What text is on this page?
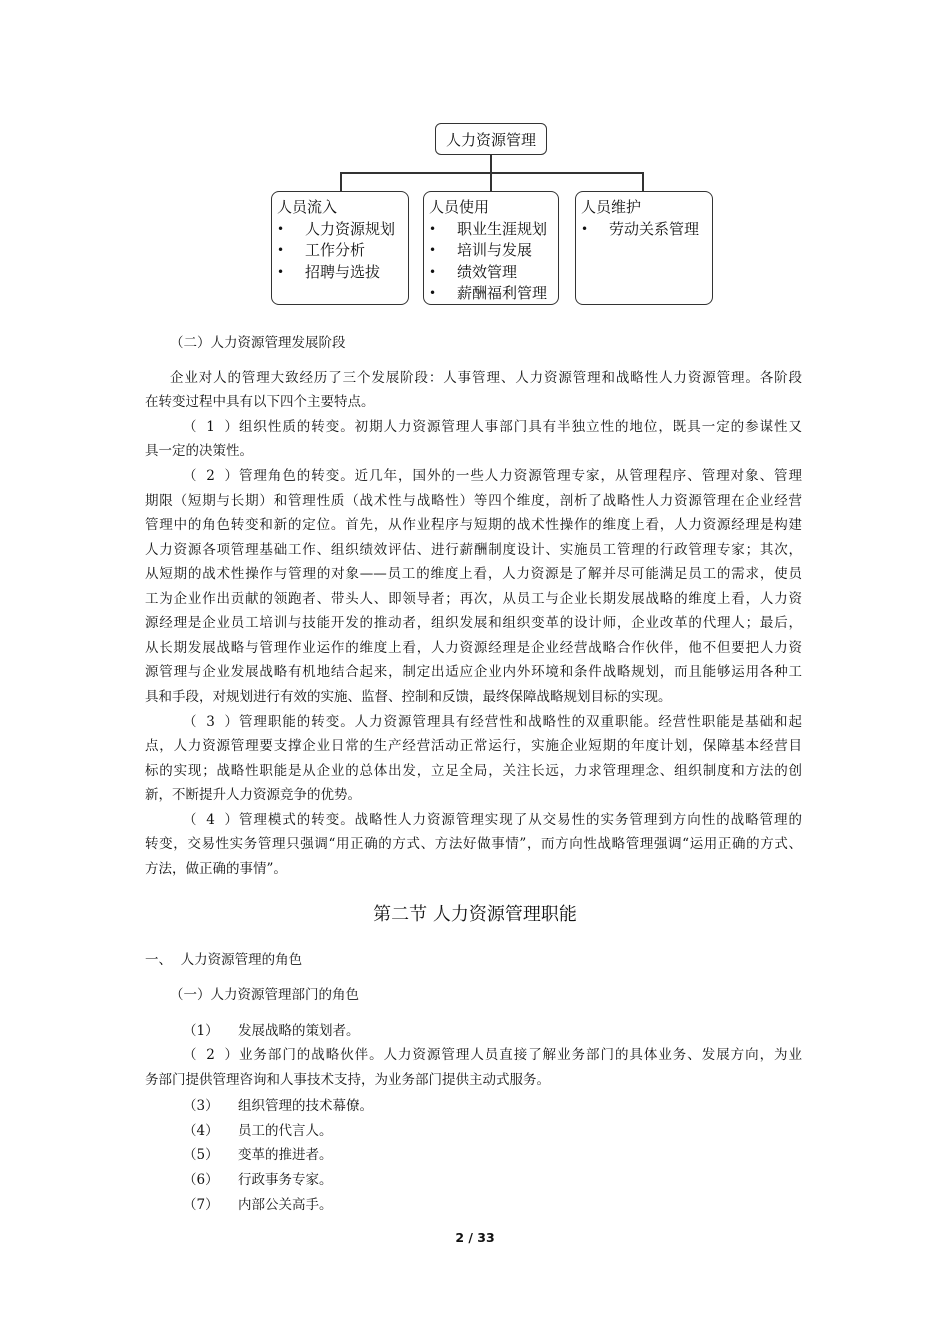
人力资源管理
人员流入
•	人力资源规划
•	工作分析
•	招聘与选拔
人员使用
•	职业生涯规划
•	培训与发展
•	绩效管理
•	薪酬福利管理
人员维护
•	劳动关系管理
（二）人力资源管理发展阶段
企业对人的管理大致经历了三个发展阶段：人事管理、人力资源管理和战略性人力资源管理。各阶段
在转变过程中具有以下四个主要特点。
（1）组织性质的转变。初期人力资源管理人事部门具有半独立性的地位，既具一定的参谋性又
具一定的决策性。
（2）管理角色的转变。近几年，国外的一些人力资源管理专家，从管理程序、管理对象、管理
期限（短期与长期）和管理性质（战术性与战略性）等四个维度，剖析了战略性人力资源管理在企业经营
管理中的角色转变和新的定位。首先，从作业程序与短期的战术性操作的维度上看，人力资源经理是构建
人力资源各项管理基础工作、组织绩效评估、进行薪酬制度设计、实施员工管理的行政管理专家；其次，
从短期的战术性操作与管理的对象——员工的维度上看，人力资源是了解并尽可能满足员工的需求，使员
工为企业作出贡献的领跑者、带头人、即领导者；再次，从员工与企业长期发展战略的维度上看，人力资
源经理是企业员工培训与技能开发的推动者，组织发展和组织变革的设计师，企业改革的代理人；最后，
从长期发展战略与管理作业运作的维度上看，人力资源经理是企业经营战略合作伙伴，他不但要把人力资
源管理与企业发展战略有机地结合起来，制定出适应企业内外环境和条件战略规划，而且能够运用各种工
具和手段，对规划进行有效的实施、监督、控制和反馈，最终保障战略规划目标的实现。
（3）管理职能的转变。人力资源管理具有经营性和战略性的双重职能。经营性职能是基础和起
点，人力资源管理要支撑企业日常的生产经营活动正常运行，实施企业短期的年度计划，保障基本经营目
标的实现；战略性职能是从企业的总体出发，立足全局，关注长远，力求管理理念、组织制度和方法的创
新，不断提升人力资源竞争的优势。
（4）管理模式的转变。战略性人力资源管理实现了从交易性的实务管理到方向性的战略管理的
转变，交易性实务管理只强调“用正确的方式、方法好做事情”，而方向性战略管理强调“运用正确的方式、
方法，做正确的事情”。
第二节 人力资源管理职能
一、  人力资源管理的角色
（一）人力资源管理部门的角色
（1） 发展战略的策划者。
（2）业务部门的战略伙伴。人力资源管理人员直接了解业务部门的具体业务、发展方向，为业
务部门提供管理咨询和人事技术支持，为业务部门提供主动式服务。
（3） 组织管理的技术幕僚。
（4） 员工的代言人。
（5） 变革的推进者。
（6） 行政事务专家。
（7） 内部公关高手。
2 / 33
